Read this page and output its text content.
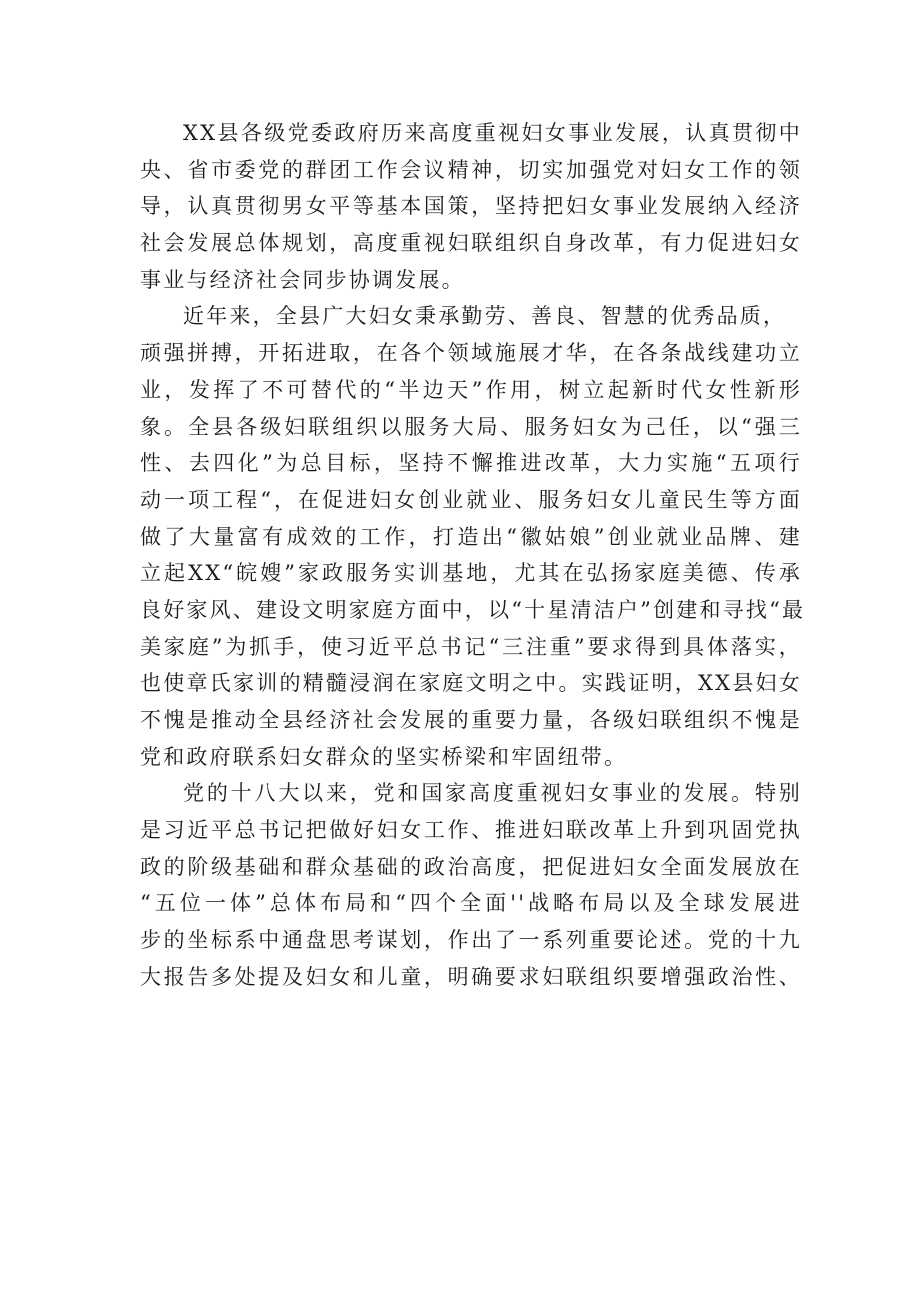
XX县各级党委政府历来高度重视妇女事业发展，认真贯彻中
央、省市委党的群团工作会议精神，切实加强党对妇女工作的领
导，认真贯彻男女平等基本国策，坚持把妇女事业发展纳入经济
社会发展总体规划，高度重视妇联组织自身改革，有力促进妇女
事业与经济社会同步协调发展。
近年来，全县广大妇女秉承勤劳、善良、智慧的优秀品质，
顽强拼搏，开拓进取，在各个领域施展才华，在各条战线建功立
业，发挥了不可替代的“半边天”作用，树立起新时代女性新形
象。全县各级妇联组织以服务大局、服务妇女为己任，以“强三
性、去四化”为总目标，坚持不懈推进改革，大力实施“五项行
动一项工程“，在促进妇女创业就业、服务妇女儿童民生等方面
做了大量富有成效的工作，打造出“徽姑娘”创业就业品牌、建
立起XX“皖嫂”家政服务实训基地，尤其在弘扬家庭美德、传承
良好家风、建设文明家庭方面中，以“十星清洁户”创建和寻找“最
美家庭”为抓手，使习近平总书记“三注重”要求得到具体落实，
也使章氏家训的精髓浸润在家庭文明之中。实践证明，XX县妇女
不愧是推动全县经济社会发展的重要力量，各级妇联组织不愧是
党和政府联系妇女群众的坚实桥梁和牢固纽带。
党的十八大以来，党和国家高度重视妇女事业的发展。特别
是习近平总书记把做好妇女工作、推进妇联改革上升到巩固党执
政的阶级基础和群众基础的政治高度，把促进妇女全面发展放在
“五位一体”总体布局和“四个全面''战略布局以及全球发展进
步的坐标系中通盘思考谋划，作出了一系列重要论述。党的十九
大报告多处提及妇女和儿童，明确要求妇联组织要增强政治性、
